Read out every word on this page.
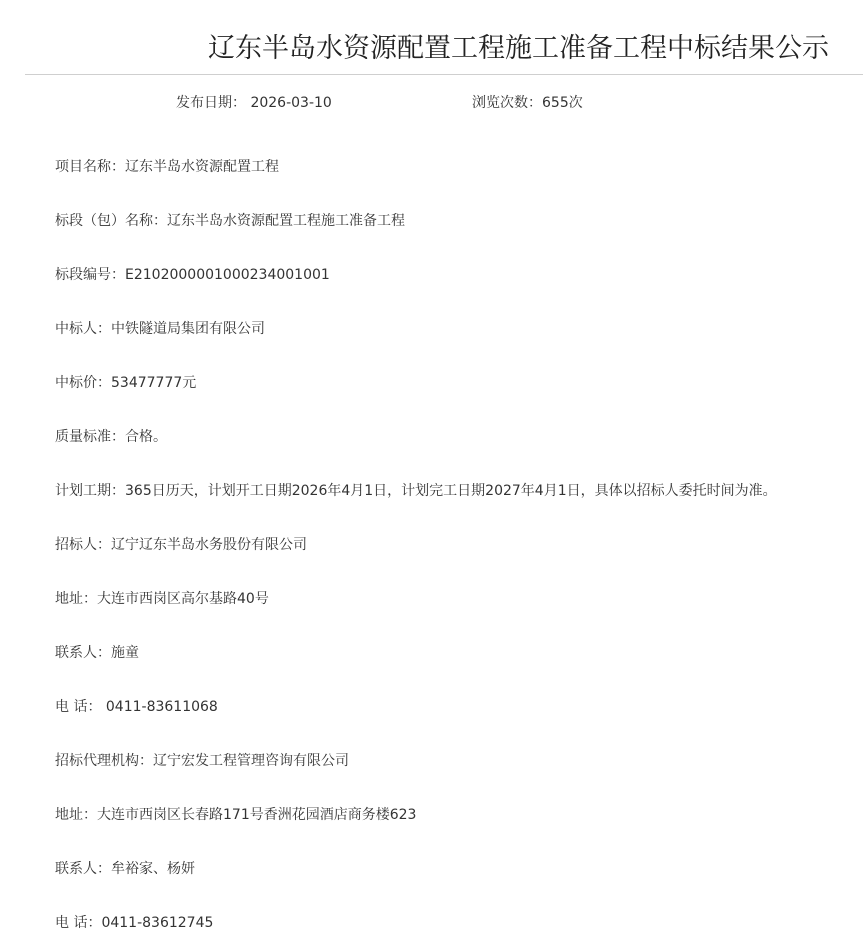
辽东半岛水资源配置工程施工准备工程中标结果公示
发布日期： 2026-03-10	浏览次数：655次
项目名称：辽东半岛水资源配置工程
标段（包）名称：辽东半岛水资源配置工程施工准备工程
标段编号：E2102000001000234001001
中标人：中铁隧道局集团有限公司
中标价：53477777元
质量标准：合格。
计划工期：365日历天，计划开工日期2026年4月1日，计划完工日期2027年4月1日，具体以招标人委托时间为准。
招标人：辽宁辽东半岛水务股份有限公司
地址：大连市西岗区高尔基路40号
联系人：施童
电 话： 0411-83611068
招标代理机构：辽宁宏发工程管理咨询有限公司
地址：大连市西岗区长春路171号香洲花园酒店商务楼623
联系人：牟裕家、杨妍
电 话：0411-83612745
